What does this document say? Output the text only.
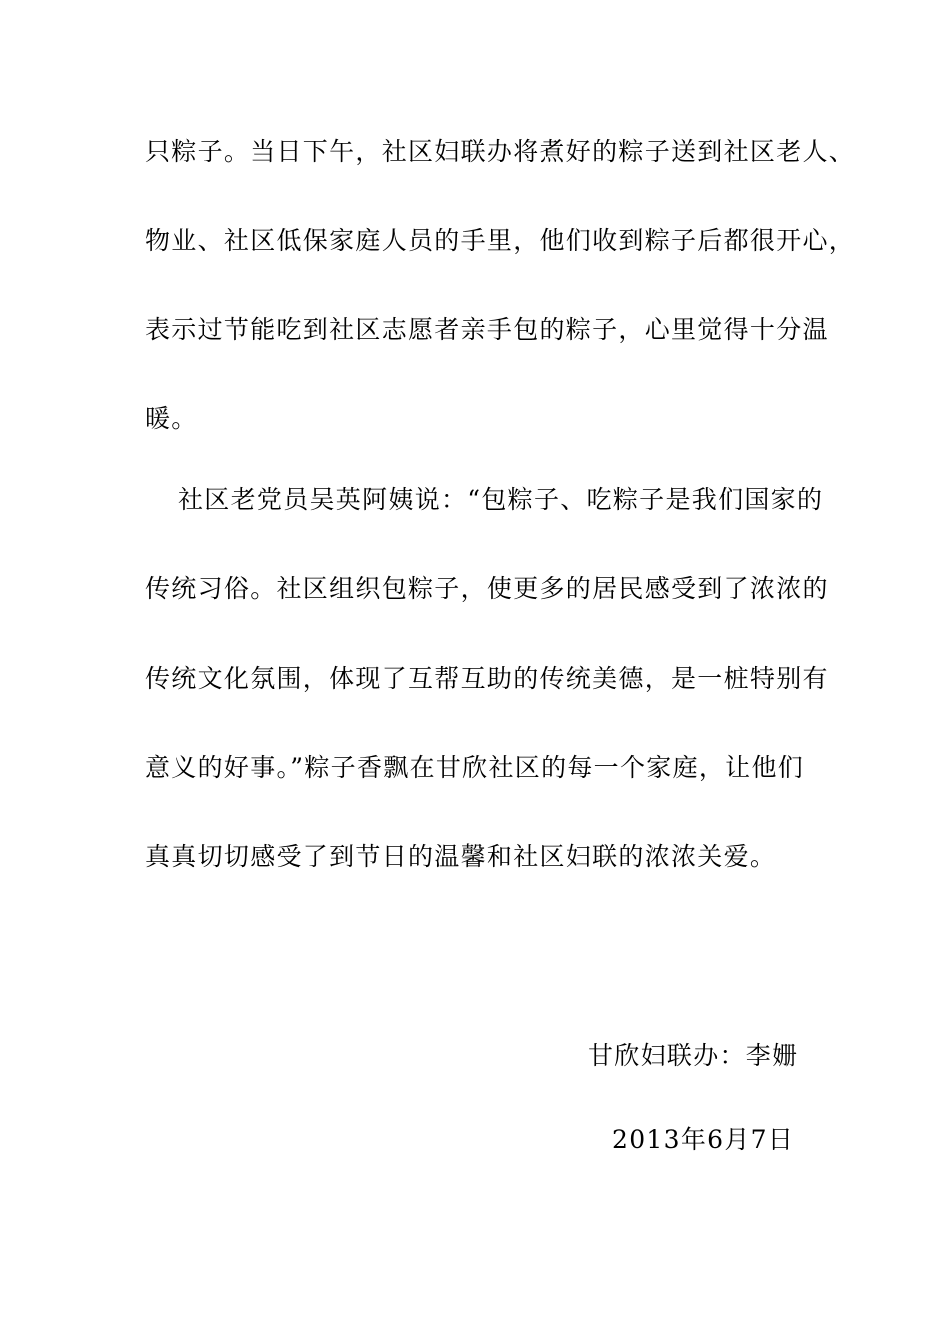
只粽子。当日下午，社区妇联办将煮好的粽子送到社区老人、
物业、社区低保家庭人员的手里，他们收到粽子后都很开心，
表示过节能吃到社区志愿者亲手包的粽子，心里觉得十分温
暖。
社区老党员吴英阿姨说：“包粽子、吃粽子是我们国家的
传统习俗。社区组织包粽子，使更多的居民感受到了浓浓的
传统文化氛围，体现了互帮互助的传统美德，是一桩特别有
意义的好事。”粽子香飘在甘欣社区的每一个家庭，让他们
真真切切感受了到节日的温馨和社区妇联的浓浓关爱。
甘欣妇联办：李姗
2013年6月7日
